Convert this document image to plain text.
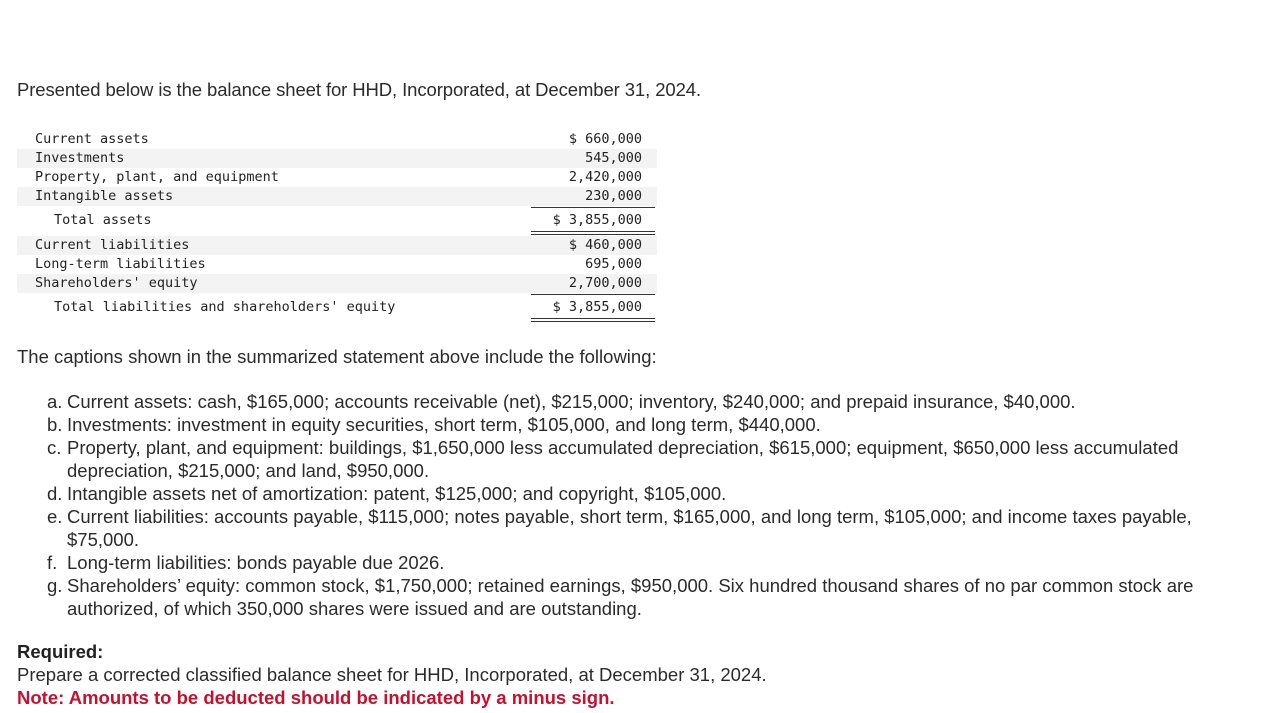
Presented below is the balance sheet for HHD, Incorporated, at December 31, 2024.
Current assets	$ 660,000
Investments	545,000
Property, plant, and equipment	2,420,000
Intangible assets	230,000
Total assets	$ 3,855,000
Current liabilities	$ 460,000
Long-term liabilities	695,000
Shareholders' equity	2,700,000
Total liabilities and shareholders' equity	$ 3,855,000
The captions shown in the summarized statement above include the following:
a. Current assets: cash, $165,000; accounts receivable (net), $215,000; inventory, $240,000; and prepaid insurance, $40,000.
b. Investments: investment in equity securities, short term, $105,000, and long term, $440,000.
c. Property, plant, and equipment: buildings, $1,650,000 less accumulated depreciation, $615,000; equipment, $650,000 less accumulated depreciation, $215,000; and land, $950,000.
d. Intangible assets net of amortization: patent, $125,000; and copyright, $105,000.
e. Current liabilities: accounts payable, $115,000; notes payable, short term, $165,000, and long term, $105,000; and income taxes payable, $75,000.
f. Long-term liabilities: bonds payable due 2026.
g. Shareholders’ equity: common stock, $1,750,000; retained earnings, $950,000. Six hundred thousand shares of no par common stock are authorized, of which 350,000 shares were issued and are outstanding.
Required:
Prepare a corrected classified balance sheet for HHD, Incorporated, at December 31, 2024.
Note: Amounts to be deducted should be indicated by a minus sign.
